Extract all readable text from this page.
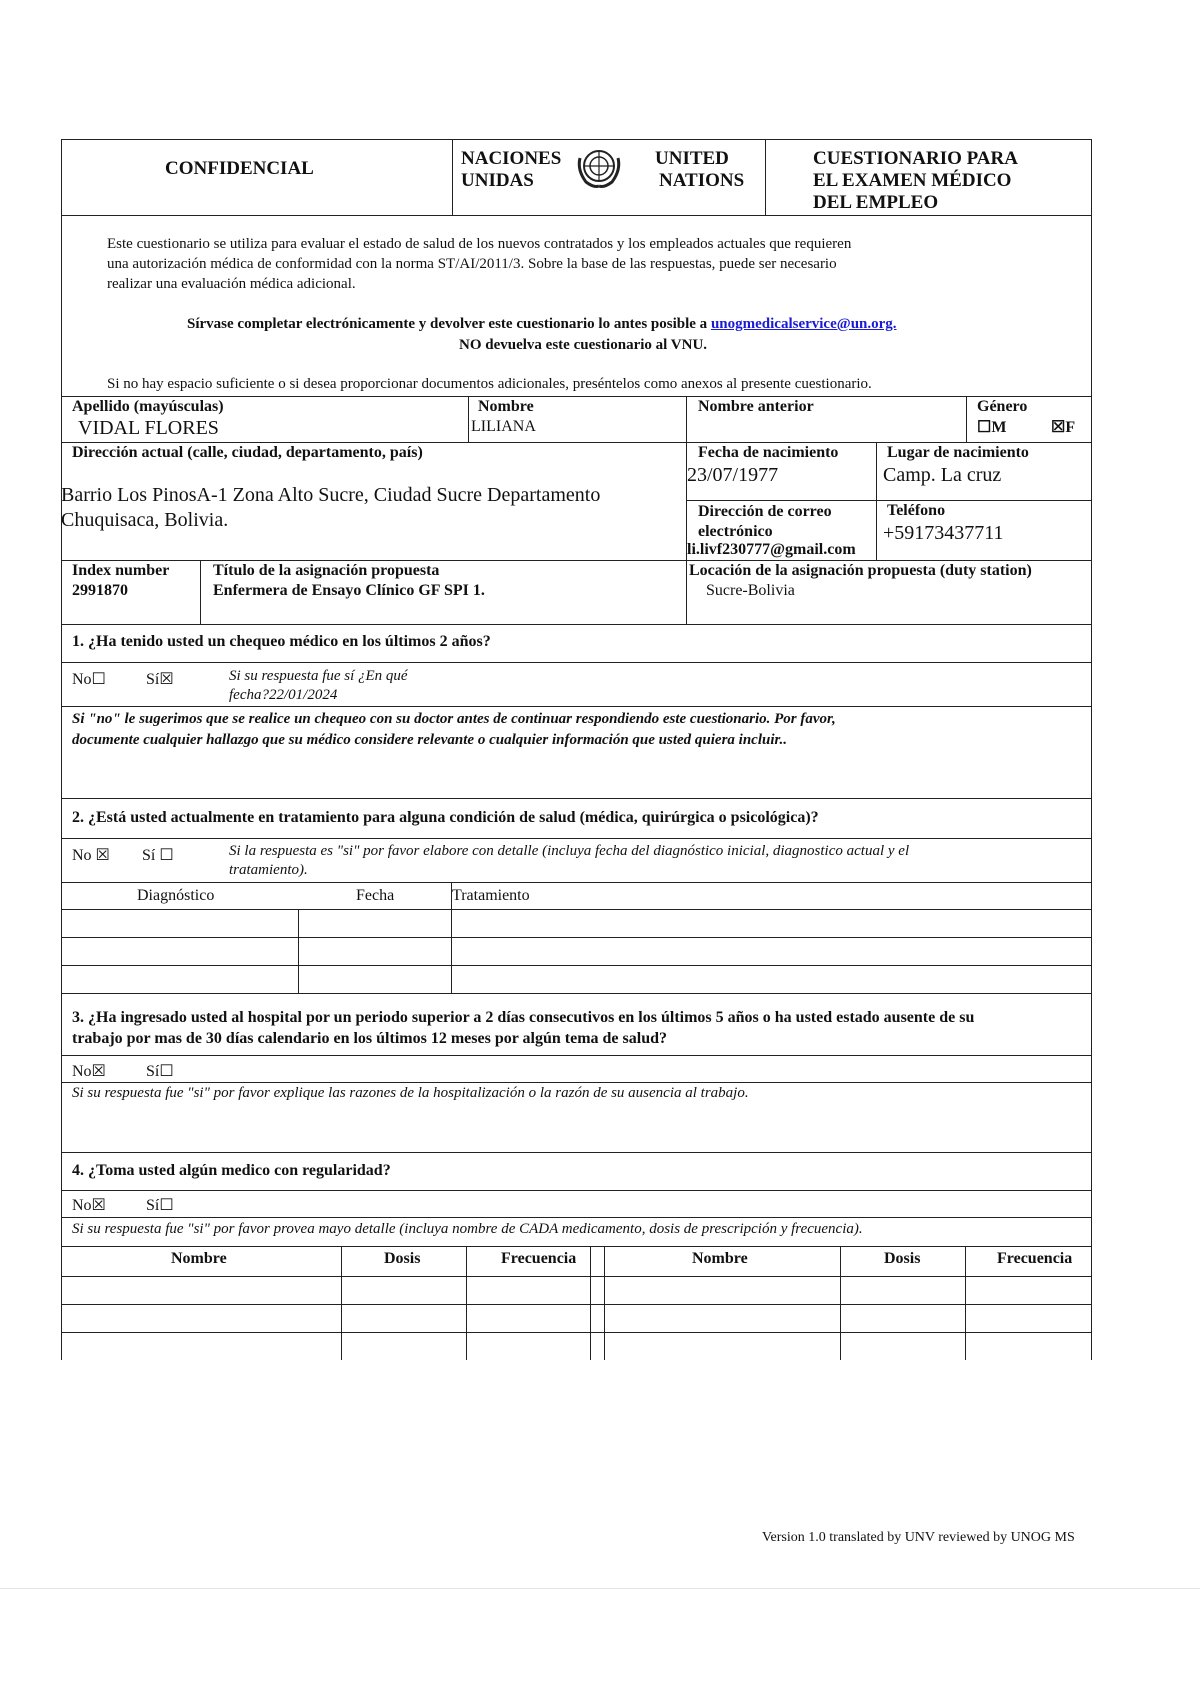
CONFIDENCIAL	NACIONES
UNIDAS
UNITED
NATIONS
CUESTIONARIO PARA
EL EXAMEN MÉDICO
DEL EMPLEO
Este cuestionario se utiliza para evaluar el estado de salud de los nuevos contratados y los empleados actuales que requieren
una autorización médica de conformidad con la norma ST/AI/2011/3. Sobre la base de las respuestas, puede ser necesario
realizar una evaluación médica adicional.
Sírvase completar electrónicamente y devolver este cuestionario lo antes posible a unogmedicalservice@un.org.
NO devuelva este cuestionario al VNU.
Si no hay espacio suficiente o si desea proporcionar documentos adicionales, preséntelos como anexos al presente cuestionario.
Apellido (mayúsculas)
VIDAL FLORES
Nombre
LILIANA
Nombre anterior	Género
☐M	☒F
Dirección actual (calle, ciudad, departamento, país)
Barrio Los PinosA-1 Zona Alto Sucre, Ciudad Sucre Departamento
Chuquisaca, Bolivia.
Fecha de nacimiento
23/07/1977
Lugar de nacimiento
Camp. La cruz
Dirección de correo
electrónico
li.livf230777@gmail.com
Teléfono
+59173437711
Index number
2991870
Título de la asignación propuesta
Enfermera de Ensayo Clínico GF SPI 1.
Locación de la asignación propuesta (duty station)
Sucre-Bolivia
1. ¿Ha tenido usted un chequeo médico en los últimos 2 años?
No☐	Sí☒	Si su respuesta fue sí ¿En qué
fecha?22/01/2024
Si "no" le sugerimos que se realice un chequeo con su doctor antes de continuar respondiendo este cuestionario. Por favor,
documente cualquier hallazgo que su médico considere relevante o cualquier información que usted quiera incluir..
2. ¿Está usted actualmente en tratamiento para alguna condición de salud (médica, quirúrgica o psicológica)?
No ☒ Sí ☐	Si la respuesta es "si" por favor elabore con detalle (incluya fecha del diagnóstico inicial, diagnostico actual y el
tratamiento).
Diagnóstico	Fecha	Tratamiento
3. ¿Ha ingresado usted al hospital por un periodo superior a 2 días consecutivos en los últimos 5 años o ha usted estado ausente de su
trabajo por mas de 30 días calendario en los últimos 12 meses por algún tema de salud?
No☒	Sí☐
Si su respuesta fue "si" por favor explique las razones de la hospitalización o la razón de su ausencia al trabajo.
4. ¿Toma usted algún medico con regularidad?
No☒	Sí☐
Si su respuesta fue "si" por favor provea mayo detalle (incluya nombre de CADA medicamento, dosis de prescripción y frecuencia).
Nombre	Dosis	Frecuencia	Nombre	Dosis	Frecuencia
Version 1.0 translated by UNV reviewed by UNOG MS
